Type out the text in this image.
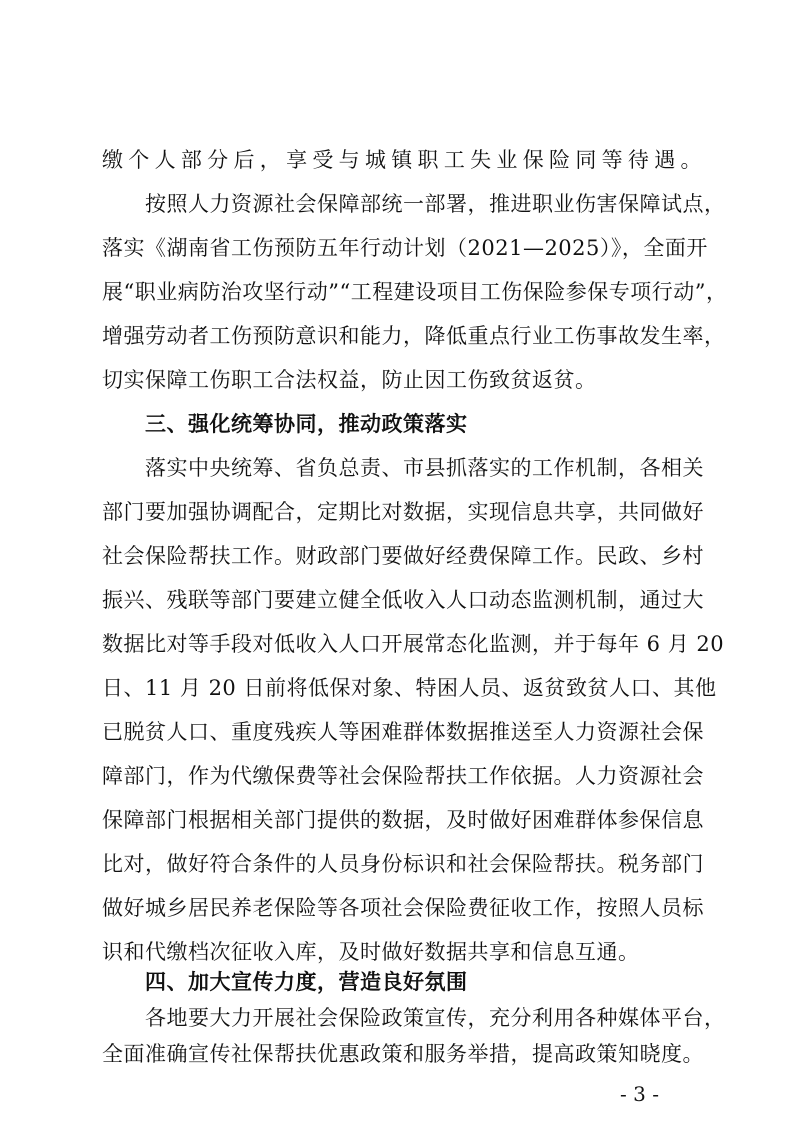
缴个人部分后，享受与城镇职工失业保险同等待遇。
按照人力资源社会保障部统一部署，推进职业伤害保障试点，
落实《湖南省工伤预防五年行动计划（2021—2025）》，全面开
展“职业病防治攻坚行动”“工程建设项目工伤保险参保专项行动”，
增强劳动者工伤预防意识和能力，降低重点行业工伤事故发生率，
切实保障工伤职工合法权益，防止因工伤致贫返贫。
三、强化统筹协同，推动政策落实
落实中央统筹、省负总责、市县抓落实的工作机制，各相关
部门要加强协调配合，定期比对数据，实现信息共享，共同做好
社会保险帮扶工作。财政部门要做好经费保障工作。民政、乡村
振兴、残联等部门要建立健全低收入人口动态监测机制，通过大
数据比对等手段对低收入人口开展常态化监测，并于每年 6 月 20
日、11 月 20 日前将低保对象、特困人员、返贫致贫人口、其他
已脱贫人口、重度残疾人等困难群体数据推送至人力资源社会保
障部门，作为代缴保费等社会保险帮扶工作依据。人力资源社会
保障部门根据相关部门提供的数据，及时做好困难群体参保信息
比对，做好符合条件的人员身份标识和社会保险帮扶。税务部门
做好城乡居民养老保险等各项社会保险费征收工作，按照人员标
识和代缴档次征收入库，及时做好数据共享和信息互通。
四、加大宣传力度，营造良好氛围
各地要大力开展社会保险政策宣传，充分利用各种媒体平台，
- 3 -
全面准确宣传社保帮扶优惠政策和服务举措，提高政策知晓度。
